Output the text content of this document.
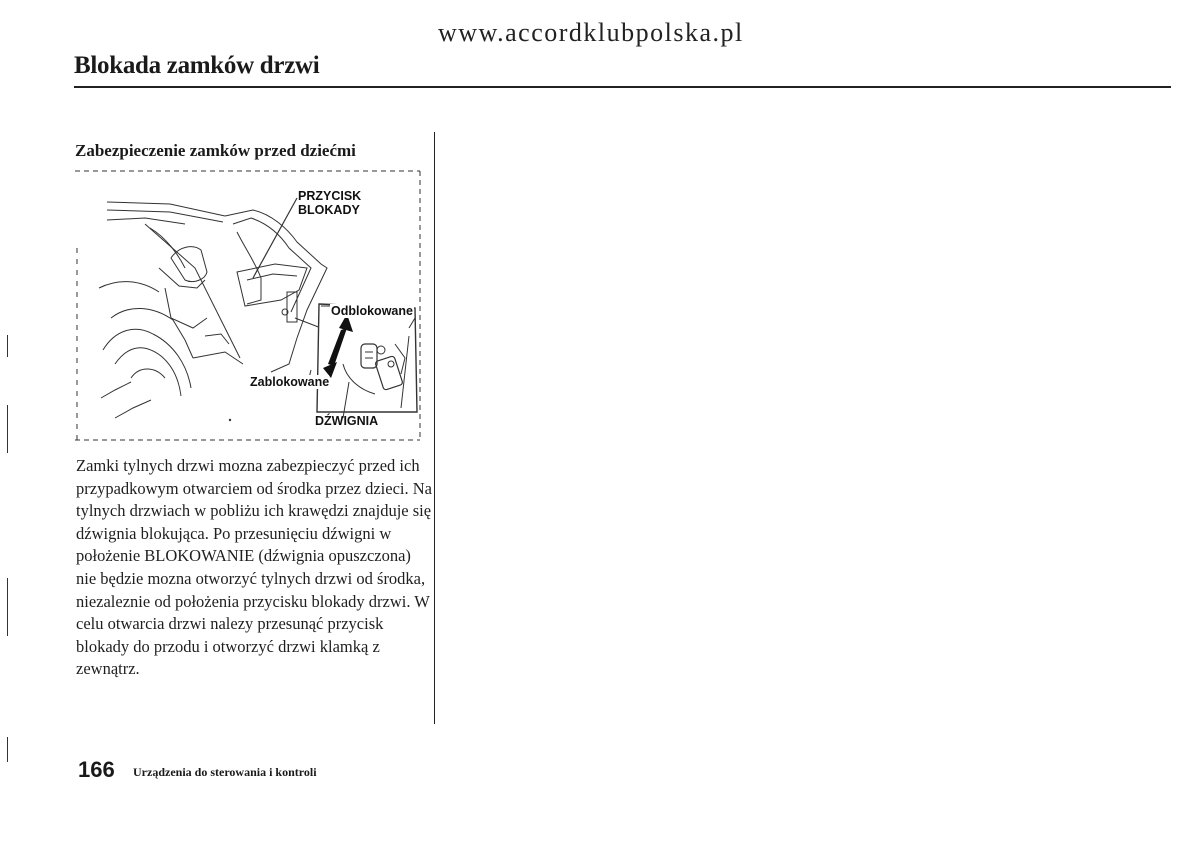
www.accordklubpolska.pl
Blokada zamków drzwi
Zabezpieczenie zamków przed dziećmi
PRZYCISK BLOKADY
Odblokowane
Zablokowane
DŹWIGNIA
Zamki tylnych drzwi mozna zabezpieczyć przed ich przypadkowym otwarciem od środka przez dzieci. Na tylnych drzwiach w pobliżu ich krawędzi znajduje się dźwignia blokująca. Po przesunięciu dźwigni w położenie BLOKOWANIE (dźwignia opuszczona) nie będzie mozna otworzyć tylnych drzwi od środka, niezaleznie od położenia przycisku blokady drzwi. W celu otwarcia drzwi nalezy przesunąć przycisk blokady do przodu i otworzyć drzwi klamką z zewnątrz.
166 Urządzenia do sterowania i kontroli
